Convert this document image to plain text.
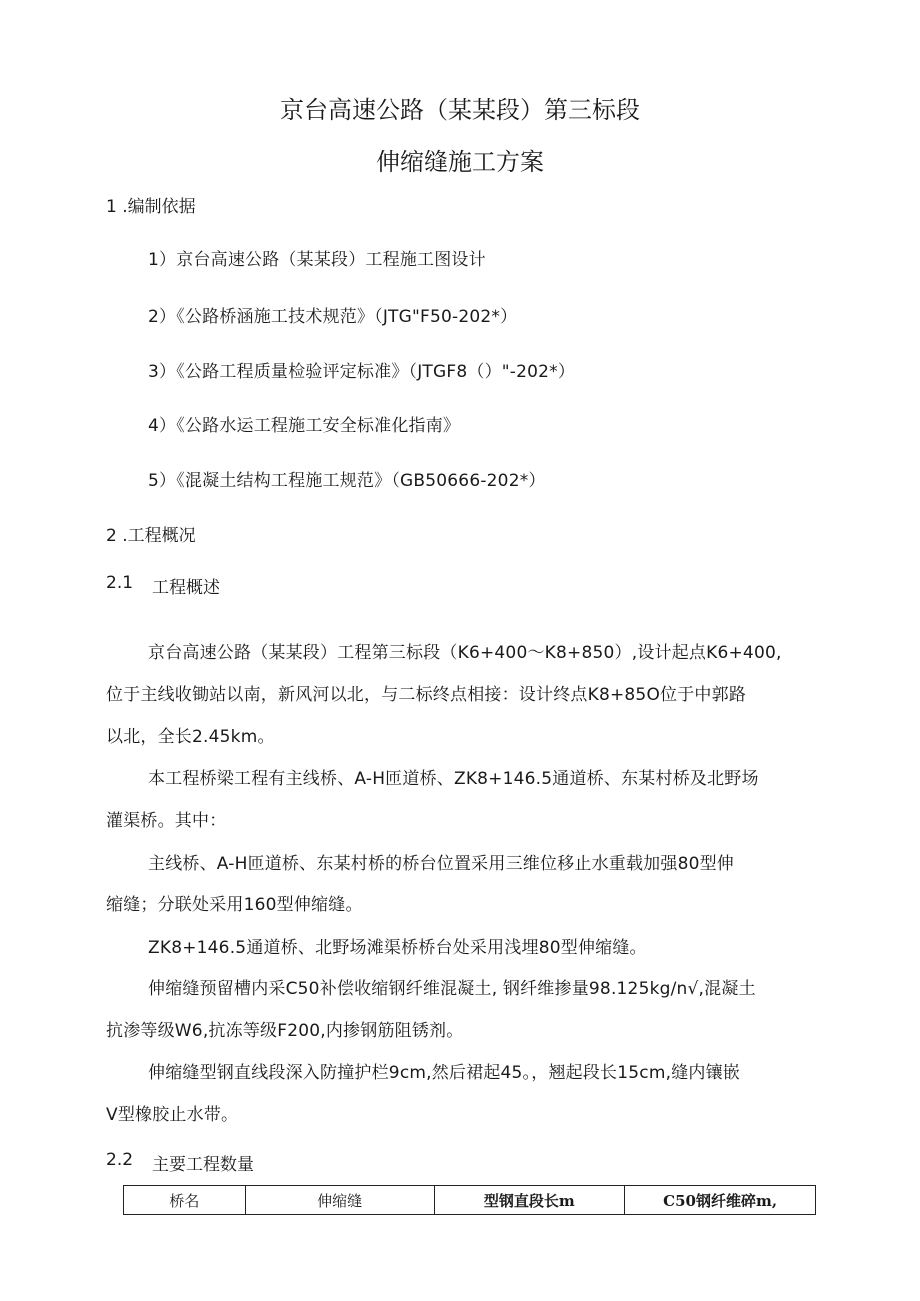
京台高速公路（某某段）第三标段
伸缩缝施工方案
1 .编制依据
1）京台高速公路（某某段）工程施工图设计
2）《公路桥涵施工技术规范》（JTG"F50-202*）
3）《公路工程质量检验评定标准》（JTGF8（）"-202*）
4）《公路水运工程施工安全标准化指南》
5）《混凝土结构工程施工规范》（GB50666-202*）
2 .工程概况
2.1 工程概述
京台高速公路（某某段）工程第三标段（K6+400〜K8+850）,设计起点K6+400,
位于主线收锄站以南，新风河以北，与二标终点相接：设计终点K8+85O位于中郭路
以北，全长2.45km。
本工程桥梁工程有主线桥、A-H匝道桥、ZK8+146.5通道桥、东某村桥及北野场
灌渠桥。其中：
主线桥、A-H匝道桥、东某村桥的桥台位置采用三维位移止水重载加强80型伸
缩缝；分联处采用160型伸缩缝。
ZK8+146.5通道桥、北野场滩渠桥桥台处采用浅埋80型伸缩缝。
伸缩缝预留槽内采C50补偿收缩钢纤维混凝土, 钢纤维掺量98.125kg∕n√,混凝土
抗渗等级W6,抗冻等级F200,内掺钢筋阻锈剂。
伸缩缝型钢直线段深入防撞护栏9cm,然后裙起45。，翘起段长15cm,缝内镶嵌
V型橡胶止水带。
2.2 主要工程数量
桥名	伸缩缝	型钢直段长m	C50钢纤维碎m,
